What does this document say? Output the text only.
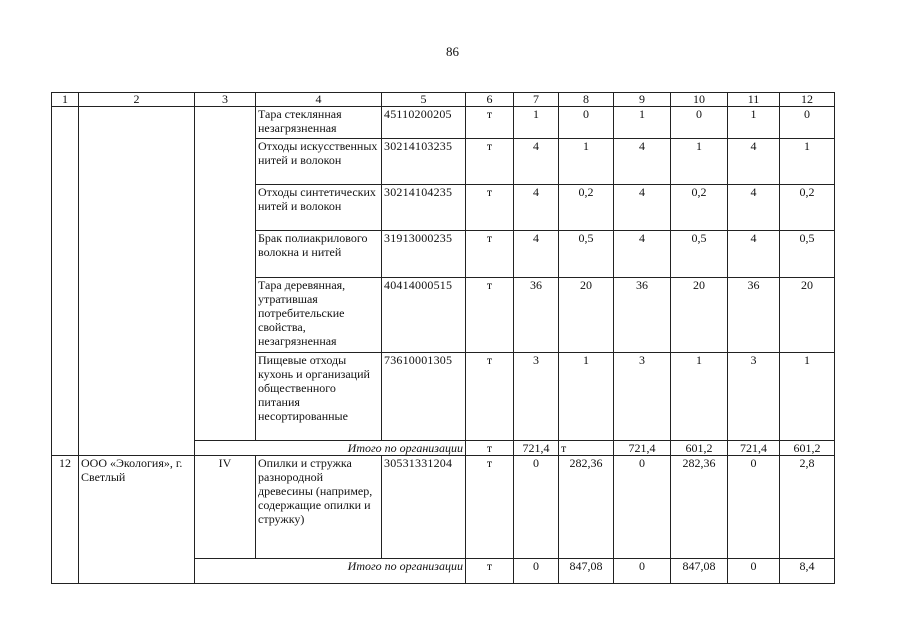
86
1	2	3	4	5	6	7	8	9	10	11	12
			Тара стеклянная незагрязненная	45110200205	т	1	0	1	0	1	0
			Отходы искусственных нитей и волокон	30214103235	т	4	1	4	1	4	1
			Отходы синтетических нитей и волокон	30214104235	т	4	0,2	4	0,2	4	0,2
			Брак полиакрилового волокна и нитей	31913000235	т	4	0,5	4	0,5	4	0,5
			Тара деревянная, утратившая потребительские свойства, незагрязненная	40414000515	т	36	20	36	20	36	20
			Пищевые отходы кухонь и организаций общественного питания несортированные	73610001305	т	3	1	3	1	3	1
		Итого по организации			т	721,4	т	721,4	601,2	721,4	601,2
12	ООО «Экология», г. Светлый	IV	Опилки и стружка разнородной древесины (например, содержащие опилки и стружку)	30531331204	т	0	282,36	0	282,36	0	2,8
		Итого по организации			т	0	847,08	0	847,08	0	8,4
